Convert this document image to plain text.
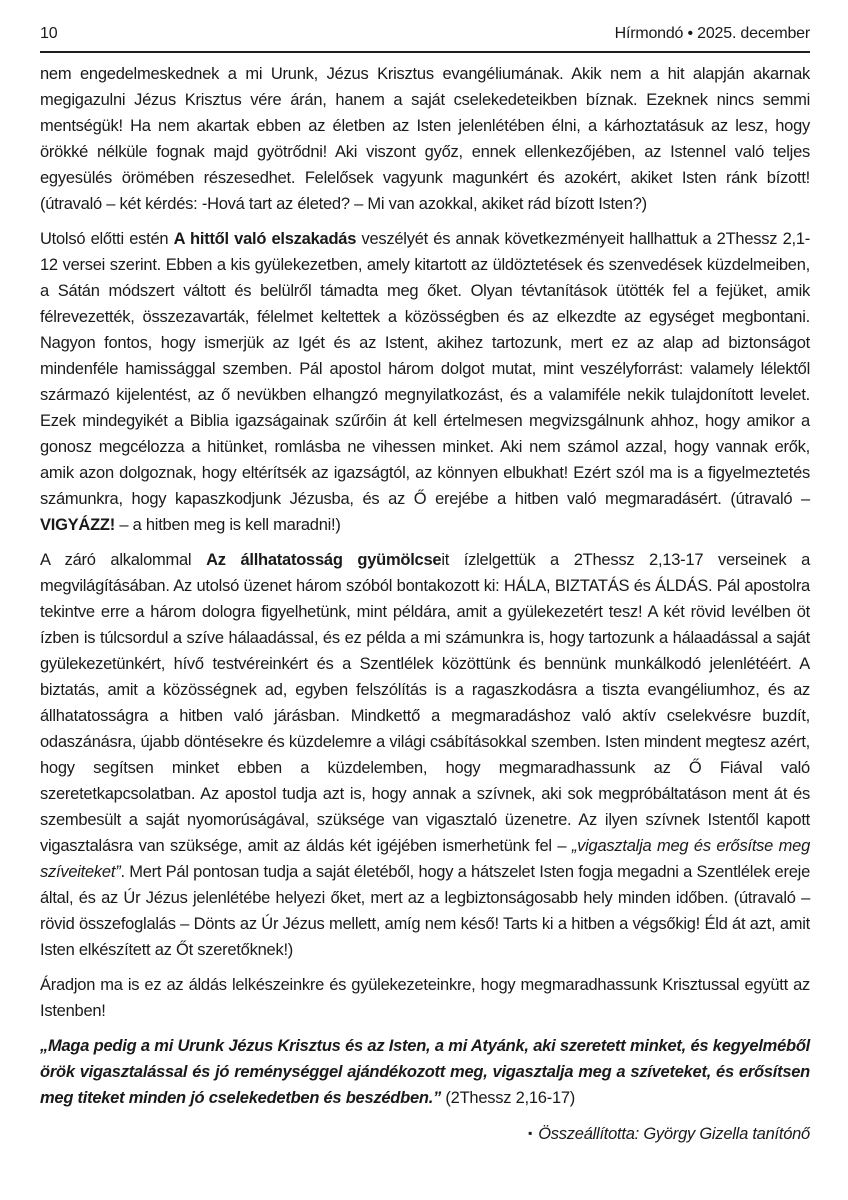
10	Hírmondó • 2025. december

nem engedelmeskednek a mi Urunk, Jézus Krisztus evangéliumának. Akik nem a hit alapján akarnak megigazulni Jézus Krisztus vére árán, hanem a saját cselekedeteikben bíznak. Ezeknek nincs semmi mentségük! Ha nem akartak ebben az életben az Isten jelenlétében élni, a kárhoztatásuk az lesz, hogy örökké nélküle fognak majd gyötrődni! Aki viszont győz, ennek ellenkezőjében, az Istennel való teljes egyesülés örömében részesedhet. Felelősek vagyunk magunkért és azokért, akiket Isten ránk bízott! (útravaló – két kérdés: -Hová tart az életed? – Mi van azokkal, akiket rád bízott Isten?)

Utolsó előtti estén A hittől való elszakadás veszélyét és annak következményeit hallhattuk a 2Thessz 2,1-12 versei szerint. Ebben a kis gyülekezetben, amely kitartott az üldöztetések és szenvedések küzdelmeiben, a Sátán módszert váltott és belülről támadta meg őket. Olyan tévtanítások ütötték fel a fejüket, amik félrevezették, összezavarták, félelmet keltettek a közösségben és az elkezdte az egységet megbontani. Nagyon fontos, hogy ismerjük az Igét és az Istent, akihez tartozunk, mert ez az alap ad biztonságot mindenféle hamissággal szemben. Pál apostol három dolgot mutat, mint veszélyforrást: valamely lélektől származó kijelentést, az ő nevükben elhangzó megnyilatkozást, és a valamiféle nekik tulajdonított levelet. Ezek mindegyikét a Biblia igazságainak szűrőin át kell értelmesen megvizsgálnunk ahhoz, hogy amikor a gonosz megcélozza a hitünket, romlásba ne vihessen minket. Aki nem számol azzal, hogy vannak erők, amik azon dolgoznak, hogy eltérítsék az igazságtól, az könnyen elbukhat! Ezért szól ma is a figyelmeztetés számunkra, hogy kapaszkodjunk Jézusba, és az Ő erejébe a hitben való megmaradásért. (útravaló – VIGYÁZZ! – a hitben meg is kell maradni!)

A záró alkalommal Az állhatatosság gyümölcseit ízlelgettük a 2Thessz 2,13-17 verseinek a megvilágításában. Az utolsó üzenet három szóból bontakozott ki: HÁLA, BIZTATÁS és ÁLDÁS. Pál apostolra tekintve erre a három dologra figyelhetünk, mint példára, amit a gyülekezetért tesz! A két rövid levélben öt ízben is túlcsordul a szíve hálaadással, és ez példa a mi számunkra is, hogy tartozunk a hálaadással a saját gyülekezetünkért, hívő testvéreinkért és a Szentlélek közöttünk és bennünk munkálkodó jelenlétéért. A biztatás, amit a közösségnek ad, egyben felszólítás is a ragaszkodásra a tiszta evangéliumhoz, és az állhatatosságra a hitben való járásban. Mindkettő a megmaradáshoz való aktív cselekvésre buzdít, odaszánásra, újabb döntésekre és küzdelemre a világi csábításokkal szemben. Isten mindent megtesz azért, hogy segítsen minket ebben a küzdelemben, hogy megmaradhassunk az Ő Fiával való szeretetkapcsolatban. Az apostol tudja azt is, hogy annak a szívnek, aki sok megpróbáltatáson ment át és szembesült a saját nyomorúságával, szüksége van vigasztaló üzenetre. Az ilyen szívnek Istentől kapott vigasztalásra van szüksége, amit az áldás két igéjében ismerhetünk fel – „vigasztalja meg és erősítse meg szíveiteket”. Mert Pál pontosan tudja a saját életéből, hogy a hátszelet Isten fogja megadni a Szentlélek ereje által, és az Úr Jézus jelenlétébe helyezi őket, mert az a legbiztonságosabb hely minden időben. (útravaló – rövid összefoglalás – Dönts az Úr Jézus mellett, amíg nem késő! Tarts ki a hitben a végsőkig! Éld át azt, amit Isten elkészített az Őt szeretőknek!)

Áradjon ma is ez az áldás lelkészeinkre és gyülekezeteinkre, hogy megmaradhassunk Krisztussal együtt az Istenben!

„Maga pedig a mi Urunk Jézus Krisztus és az Isten, a mi Atyánk, aki szeretett minket, és kegyelméből örök vigasztalással és jó reménységgel ajándékozott meg, vigasztalja meg a szíveteket, és erősítsen meg titeket minden jó cselekedetben és beszédben.” (2Thessz 2,16-17)

▪ Összeállította: György Gizella tanítónő
